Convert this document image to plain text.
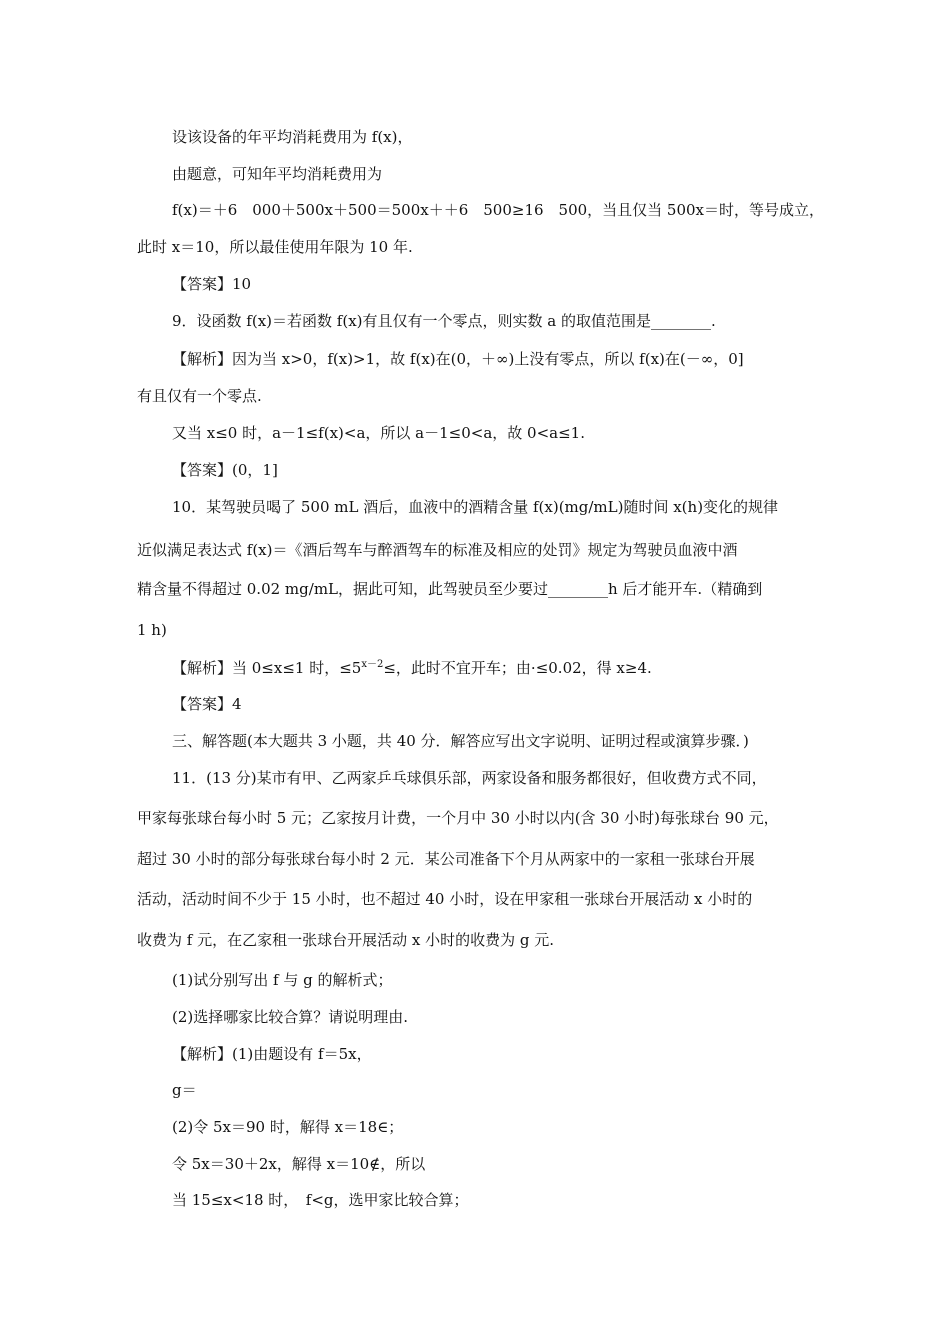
设该设备的年平均消耗费用为 f(x)，
由题意，可知年平均消耗费用为
f(x)＝＋6　000＋500x＋500＝500x＋＋6　500≥16　500，当且仅当 500x＝时，等号成立，
此时 x＝10，所以最佳使用年限为 10 年.
【答案】10
9．设函数 f(x)＝若函数 f(x)有且仅有一个零点，则实数 a 的取值范围是________.
【解析】因为当 x>0，f(x)>1，故 f(x)在(0，＋∞)上没有零点，所以 f(x)在(－∞，0]
有且仅有一个零点.
又当 x≤0 时，a－1≤f(x)<a，所以 a－1≤0<a，故 0<a≤1.
【答案】(0，1]
10．某驾驶员喝了 500 mL 酒后，血液中的酒精含量 f(x)(mg/mL)随时间 x(h)变化的规律
近似满足表达式 f(x)＝《酒后驾车与醉酒驾车的标准及相应的处罚》规定为驾驶员血液中酒
精含量不得超过 0.02 mg/mL，据此可知，此驾驶员至少要过________h 后才能开车.（精确到
1 h)
【解析】当 0≤x≤1 时，$\le 5^{x-2}\le$，此时不宜开车；由·≤0.02，得 x≥4.
【答案】4
三、解答题(本大题共 3 小题，共 40 分．解答应写出文字说明、证明过程或演算步骤．)
11．(13 分)某市有甲、乙两家乒乓球俱乐部，两家设备和服务都很好，但收费方式不同，
甲家每张球台每小时 5 元；乙家按月计费，一个月中 30 小时以内(含 30 小时)每张球台 90 元，
超过 30 小时的部分每张球台每小时 2 元．某公司准备下个月从两家中的一家租一张球台开展
活动，活动时间不少于 15 小时，也不超过 40 小时，设在甲家租一张球台开展活动 x 小时的
收费为 f 元，在乙家租一张球台开展活动 x 小时的收费为 g 元.
(1)试分别写出 f 与 g 的解析式；
(2)选择哪家比较合算？请说明理由.
【解析】(1)由题设有 f＝5x，
g＝
(2)令 5x＝90 时，解得 x＝18∈；
令 5x＝30＋2x，解得 x＝10∉，所以
当 15≤x<18 时，　f<g，选甲家比较合算；
